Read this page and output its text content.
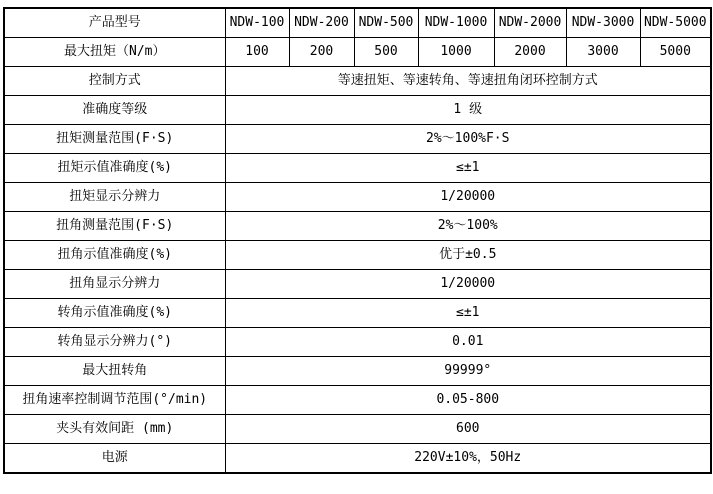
产品型号	NDW-100	NDW-200	NDW-500	NDW-1000	NDW-2000	NDW-3000	NDW-5000
最大扭矩（N/m）	100	200	500	1000	2000	3000	5000
控制方式	等速扭矩、等速转角、等速扭角闭环控制方式						
准确度等级	1 级						
扭矩测量范围(F·S)	2%～100%F·S						
扭矩示值准确度(%)	≤±1						
扭矩显示分辨力	1/20000						
扭角测量范围(F·S)	2%～100%						
扭角示值准确度(%)	优于±0.5						
扭角显示分辨力	1/20000						
转角示值准确度(%)	≤±1						
转角显示分辨力(°)	0.01						
最大扭转角	99999°						
扭角速率控制调节范围(°/min)	0.05-800						
夹头有效间距 (mm)	600						
电源	220V±10%，50Hz						
